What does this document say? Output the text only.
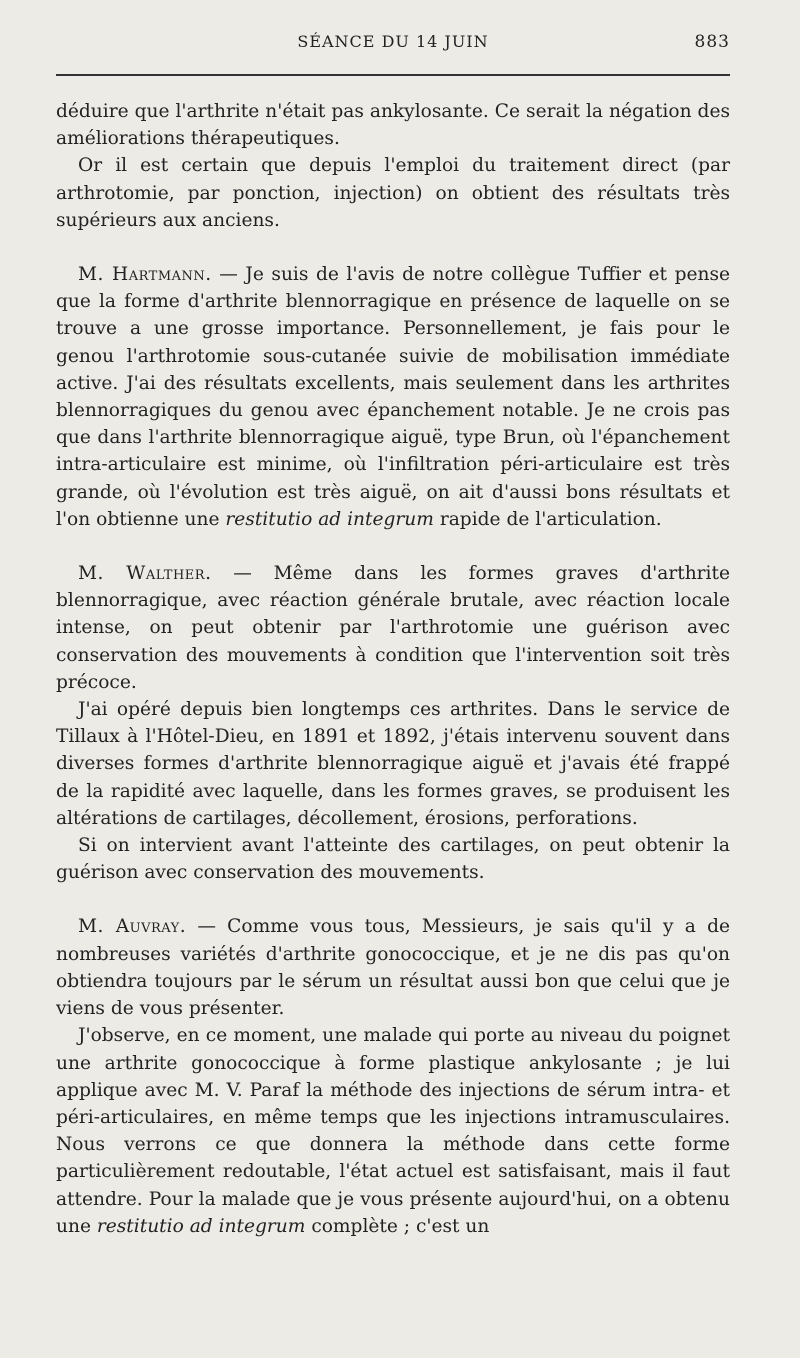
SÉANCE DU 14 JUIN	883

déduire que l'arthrite n'était pas ankylosante. Ce serait la négation des améliorations thérapeutiques.

Or il est certain que depuis l'emploi du traitement direct (par arthrotomie, par ponction, injection) on obtient des résultats très supérieurs aux anciens.

M. Hartmann. — Je suis de l'avis de notre collègue Tuffier et pense que la forme d'arthrite blennorragique en présence de laquelle on se trouve a une grosse importance. Personnellement, je fais pour le genou l'arthrotomie sous-cutanée suivie de mobilisation immédiate active. J'ai des résultats excellents, mais seulement dans les arthrites blennorragiques du genou avec épanchement notable. Je ne crois pas que dans l'arthrite blennorragique aiguë, type Brun, où l'épanchement intra-articulaire est minime, où l'infiltration péri-articulaire est très grande, où l'évolution est très aiguë, on ait d'aussi bons résultats et l'on obtienne une restitutio ad integrum rapide de l'articulation.

M. Walther. — Même dans les formes graves d'arthrite blennorragique, avec réaction générale brutale, avec réaction locale intense, on peut obtenir par l'arthrotomie une guérison avec conservation des mouvements à condition que l'intervention soit très précoce.

J'ai opéré depuis bien longtemps ces arthrites. Dans le service de Tillaux à l'Hôtel-Dieu, en 1891 et 1892, j'étais intervenu souvent dans diverses formes d'arthrite blennorragique aiguë et j'avais été frappé de la rapidité avec laquelle, dans les formes graves, se produisent les altérations de cartilages, décollement, érosions, perforations.

Si on intervient avant l'atteinte des cartilages, on peut obtenir la guérison avec conservation des mouvements.

M. Auvray. — Comme vous tous, Messieurs, je sais qu'il y a de nombreuses variétés d'arthrite gonococcique, et je ne dis pas qu'on obtiendra toujours par le sérum un résultat aussi bon que celui que je viens de vous présenter.

J'observe, en ce moment, une malade qui porte au niveau du poignet une arthrite gonococcique à forme plastique ankylosante ; je lui applique avec M. V. Paraf la méthode des injections de sérum intra- et péri-articulaires, en même temps que les injections intramusculaires. Nous verrons ce que donnera la méthode dans cette forme particulièrement redoutable, l'état actuel est satisfaisant, mais il faut attendre. Pour la malade que je vous présente aujourd'hui, on a obtenu une restitutio ad integrum complète ; c'est un
